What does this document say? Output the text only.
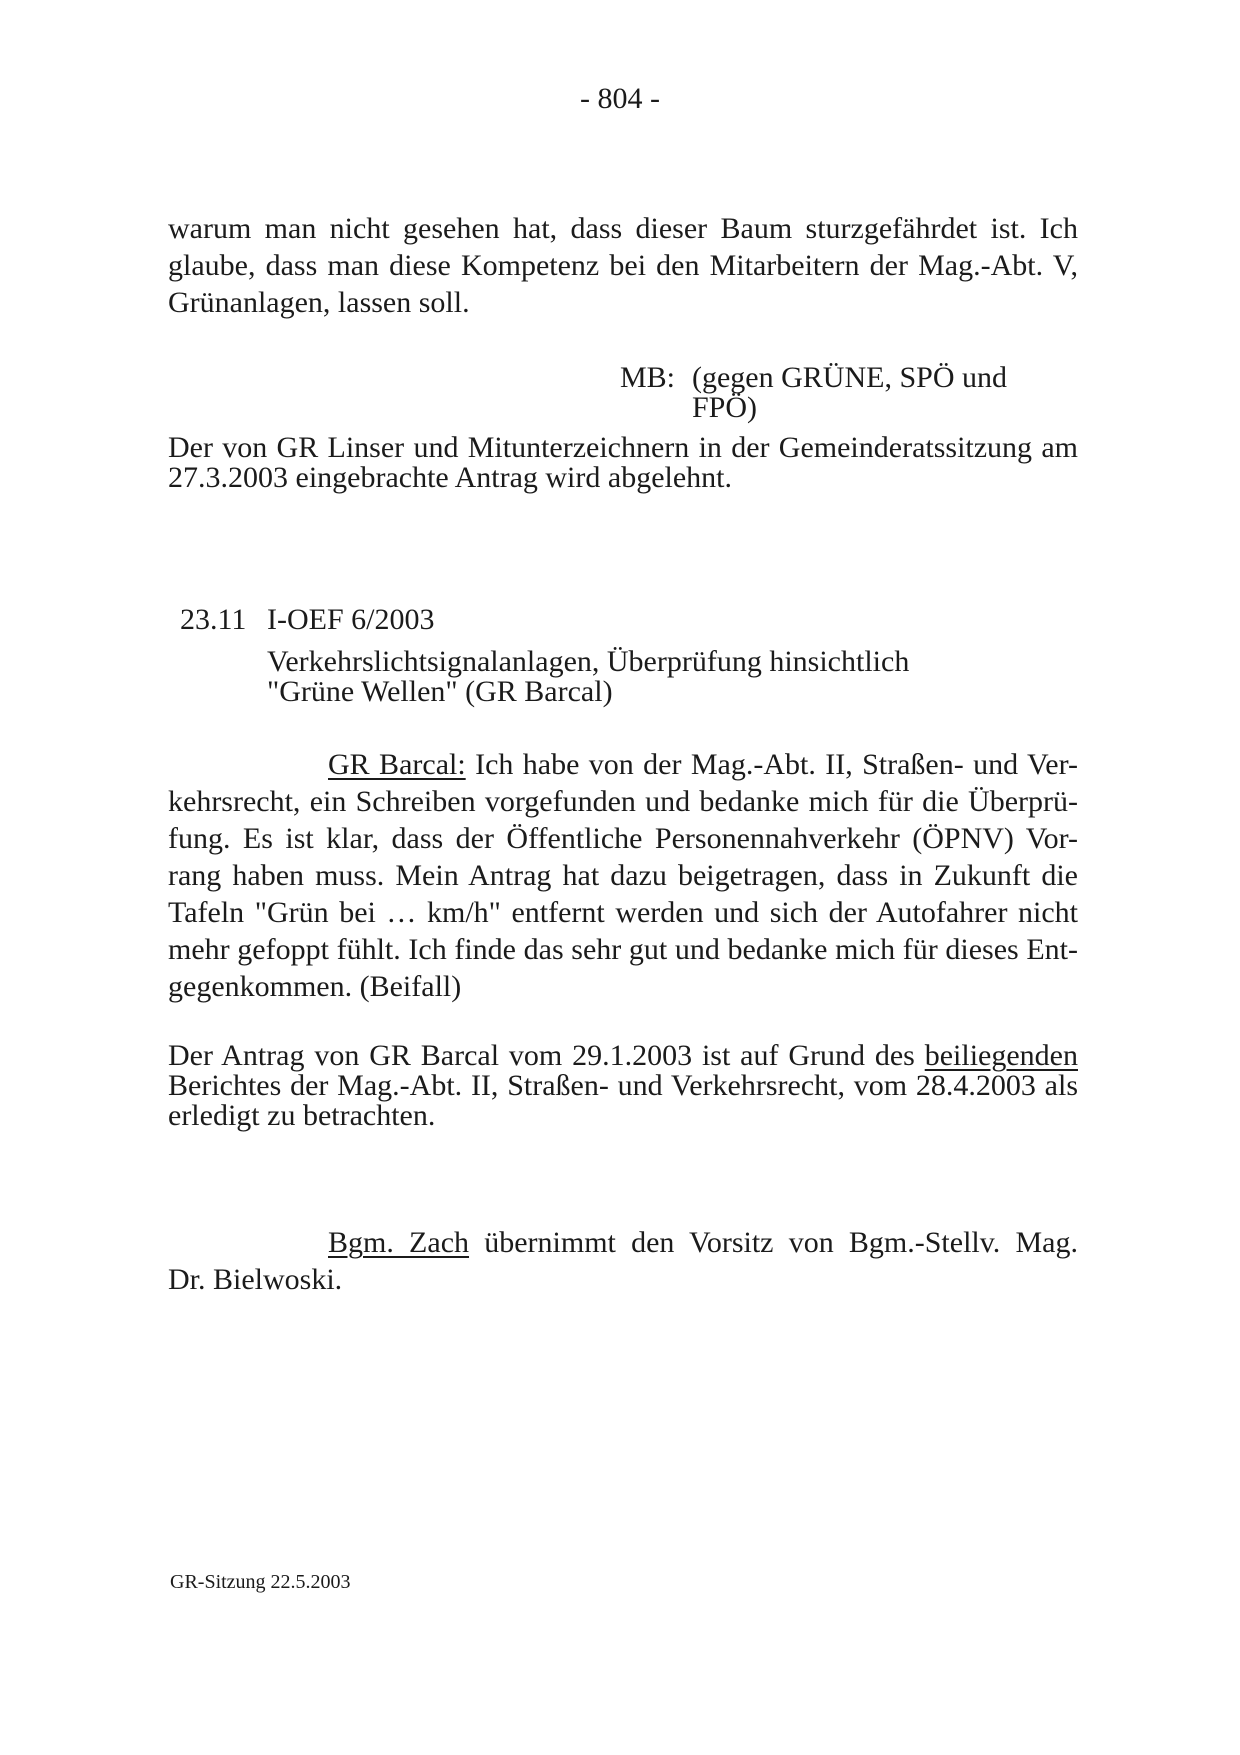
- 804 -
warum man nicht gesehen hat, dass dieser Baum sturzgefährdet ist. Ich
glaube, dass man diese Kompetenz bei den Mitarbeitern der Mag.-Abt. V,
Grünanlagen, lassen soll.
MB: (gegen GRÜNE, SPÖ und
FPÖ)
Der von GR Linser und Mitunterzeichnern in der Gemeinderatssitzung am
27.3.2003 eingebrachte Antrag wird abgelehnt.
23.11 I-OEF 6/2003
Verkehrslichtsignalanlagen, Überprüfung hinsichtlich
"Grüne Wellen" (GR Barcal)
GR Barcal: Ich habe von der Mag.-Abt. II, Straßen- und Ver-
kehrsrecht, ein Schreiben vorgefunden und bedanke mich für die Überprü-
fung. Es ist klar, dass der Öffentliche Personennahverkehr (ÖPNV) Vor-
rang haben muss. Mein Antrag hat dazu beigetragen, dass in Zukunft die
Tafeln "Grün bei … km/h" entfernt werden und sich der Autofahrer nicht
mehr gefoppt fühlt. Ich finde das sehr gut und bedanke mich für dieses Ent-
gegenkommen. (Beifall)
Der Antrag von GR Barcal vom 29.1.2003 ist auf Grund des beiliegenden
Berichtes der Mag.-Abt. II, Straßen- und Verkehrsrecht, vom 28.4.2003 als
erledigt zu betrachten.
Bgm. Zach übernimmt den Vorsitz von Bgm.-Stellv. Mag.
Dr. Bielwoski.
GR-Sitzung 22.5.2003
